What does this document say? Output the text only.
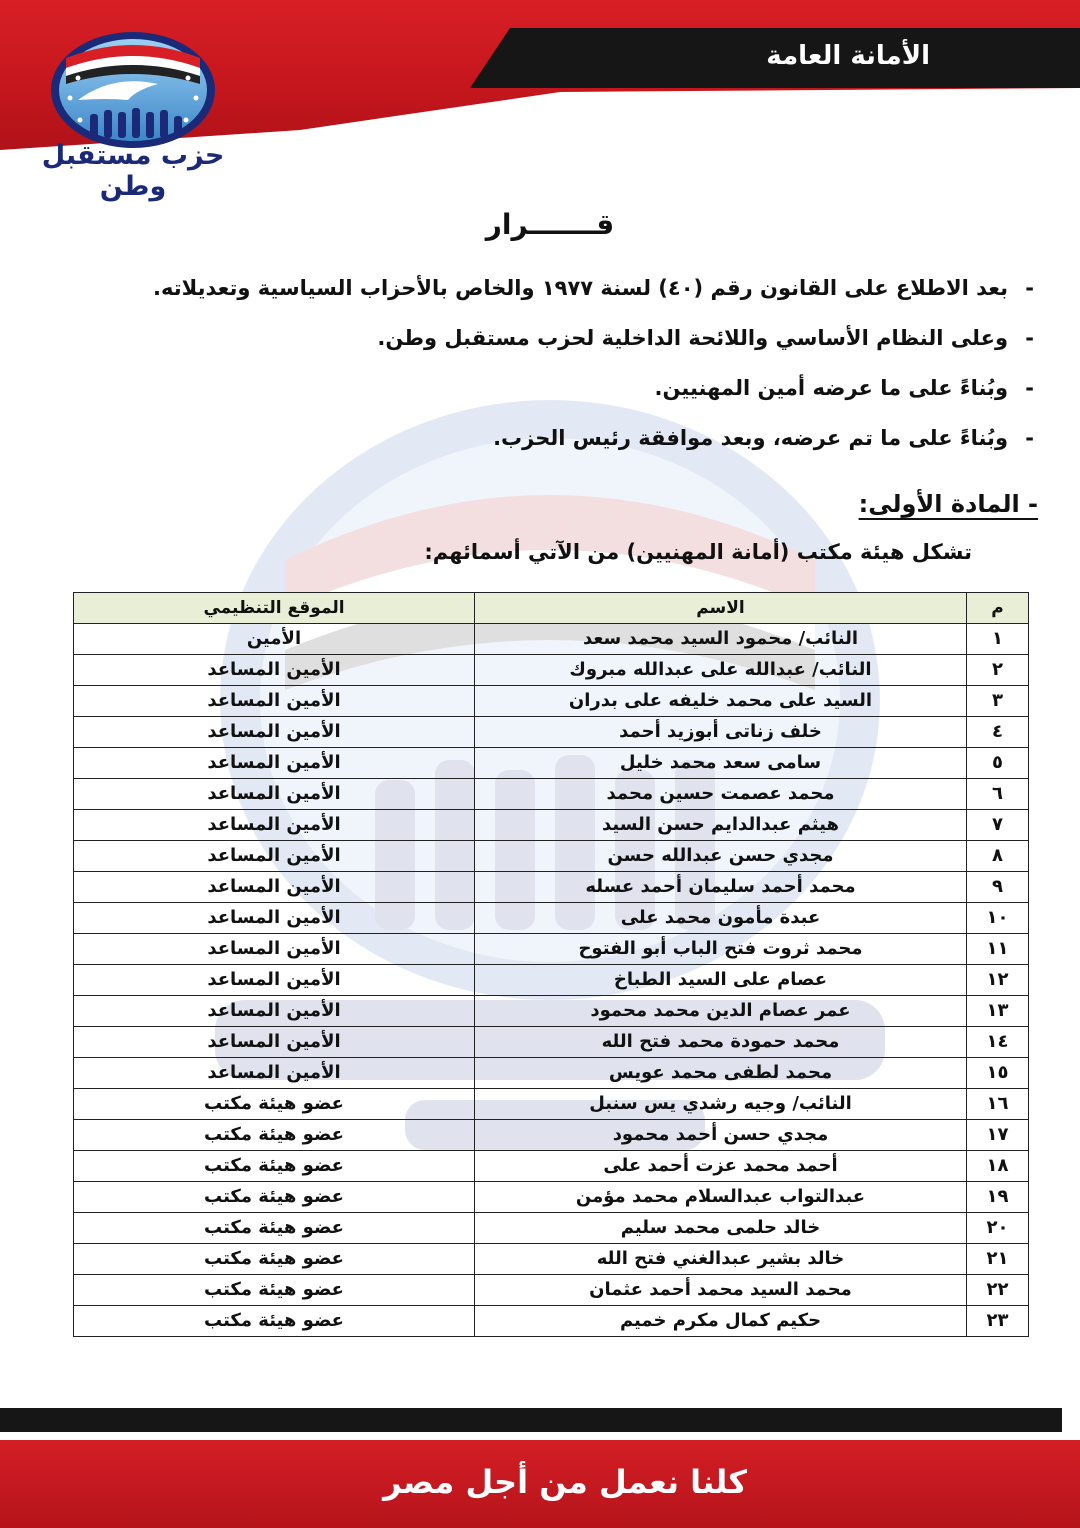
الأمانة العامة
حزب مستقبل وطن
قـــــــرار
-بعد الاطلاع على القانون رقم (٤٠) لسنة ١٩٧٧ والخاص بالأحزاب السياسية وتعديلاته.
-وعلى النظام الأساسي واللائحة الداخلية لحزب مستقبل وطن.
-وبُناءً على ما عرضه أمين المهنيين.
-وبُناءً على ما تم عرضه، وبعد موافقة رئيس الحزب.
- المادة الأولى:
تشكل هيئة مكتب (أمانة المهنيين) من الآتي أسمائهم:
م	الاسم	الموقع التنظيمي
١	النائب/ محمود السيد محمد سعد	الأمين
٢	النائب/ عبدالله على عبدالله مبروك	الأمين المساعد
٣	السيد على محمد خليفه على بدران	الأمين المساعد
٤	خلف زناتى أبوزيد أحمد	الأمين المساعد
٥	سامى سعد محمد خليل	الأمين المساعد
٦	محمد عصمت حسين محمد	الأمين المساعد
٧	هيثم عبدالدايم حسن السيد	الأمين المساعد
٨	مجدي حسن عبدالله حسن	الأمين المساعد
٩	محمد أحمد سليمان أحمد عسله	الأمين المساعد
١٠	عبدة مأمون محمد على	الأمين المساعد
١١	محمد ثروت فتح الباب أبو الفتوح	الأمين المساعد
١٢	عصام على السيد الطباخ	الأمين المساعد
١٣	عمر عصام الدين محمد محمود	الأمين المساعد
١٤	محمد حمودة محمد فتح الله	الأمين المساعد
١٥	محمد لطفى محمد عويس	الأمين المساعد
١٦	النائب/ وجيه رشدي يس سنبل	عضو هيئة مكتب
١٧	مجدي حسن أحمد محمود	عضو هيئة مكتب
١٨	أحمد محمد عزت أحمد على	عضو هيئة مكتب
١٩	عبدالتواب عبدالسلام محمد مؤمن	عضو هيئة مكتب
٢٠	خالد حلمى محمد سليم	عضو هيئة مكتب
٢١	خالد بشير عبدالغني فتح الله	عضو هيئة مكتب
٢٢	محمد السيد محمد أحمد عثمان	عضو هيئة مكتب
٢٣	حكيم كمال مكرم خميم	عضو هيئة مكتب
كلنا نعمل من أجل مصر
